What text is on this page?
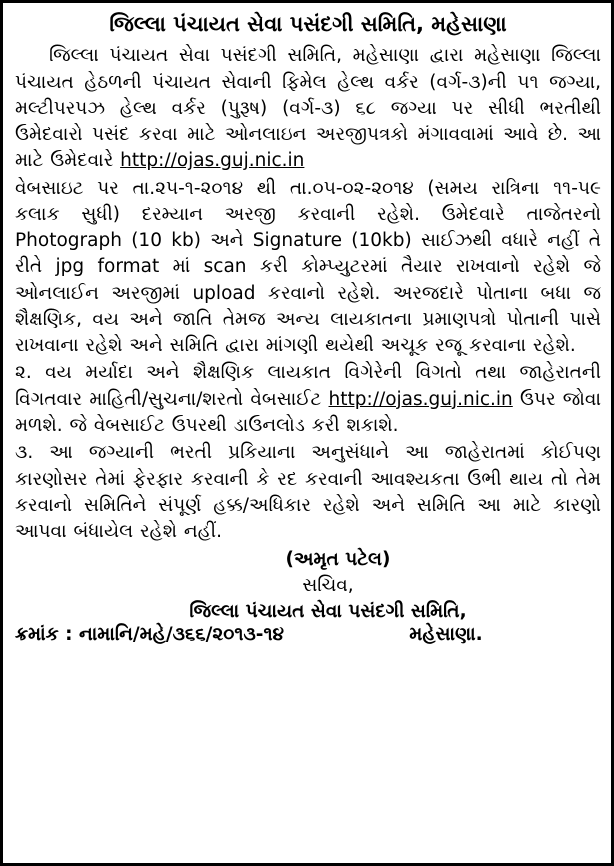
જિલ્લા પંચાયત સેવા પસંદગી સમિતિ, મહેસાણા

જિલ્લા પંચાયત સેવા પસંદગી સમિતિ, મહેસાણા દ્વારા મહેસાણા જિલ્લા પંચાયત હેઠળની પંચાયત સેવાની ફિમેલ હેલ્થ વર્કર (વર્ગ-૩)ની ૫૧ જગ્યા, મલ્ટીપરપઝ હેલ્થ વર્કર (પુરૂષ) (વર્ગ-૩) ૬૮ જગ્યા પર સીધી ભરતીથી ઉમેદવારો પસંદ કરવા માટે ઓનલાઇન અરજીપત્રકો મંગાવવામાં આવે છે. આ માટે ઉમેદવારે http://ojas.guj.nic.in

વેબસાઇટ પર તા.૨૫-૧-૨૦૧૪ થી તા.૦૫-૦૨-૨૦૧૪ (સમય રાત્રિના ૧૧-૫૯ કલાક સુધી) દરમ્યાન અરજી કરવાની રહેશે. ઉમેદવારે તાજેતરનો Photograph (10 kb) અને Signature (10kb) સાઈઝથી વધારે નહીં તે રીતે jpg format માં scan કરી કોમ્પ્યુટરમાં તૈયાર રાખવાનો રહેશે જે ઓનલાઈન અરજીમાં upload કરવાનો રહેશે. અરજદારે પોતાના બધા જ શૈક્ષણિક, વય અને જાતિ તેમજ અન્ય લાયકાતના પ્રમાણપત્રો પોતાની પાસે રાખવાના રહેશે અને સમિતિ દ્વારા માંગણી થયેથી અચૂક રજૂ કરવાના રહેશે.

૨. વય મર્યાદા અને શૈક્ષણિક લાયકાત વિગેરેની વિગતો તથા જાહેરાતની વિગતવાર માહિતી/સુચના/શરતો વેબસાઈટ http://ojas.guj.nic.in ઉપર જોવા મળશે. જે વેબસાઈટ ઉપરથી ડાઉનલોડ કરી શકાશે.

૩. આ જગ્યાની ભરતી પ્રકિયાના અનુસંધાને આ જાહેરાતમાં કોઈપણ કારણોસર તેમાં ફેરફાર કરવાની કે રદ કરવાની આવશ્યકતા ઉભી થાય તો તેમ કરવાનો સમિતિને સંપૂર્ણ હક્ક/અધિકાર રહેશે અને સમિતિ આ માટે કારણો આપવા બંધાયેલ રહેશે નહીં.

(અમૃત પટેલ)
સચિવ,
જિલ્લા પંચાયત સેવા પસંદગી સમિતિ,
ક્રમાંક : નામાનિ/મહે/૩૬૬/૨૦૧૩-૧૪	મહેસાણા.
